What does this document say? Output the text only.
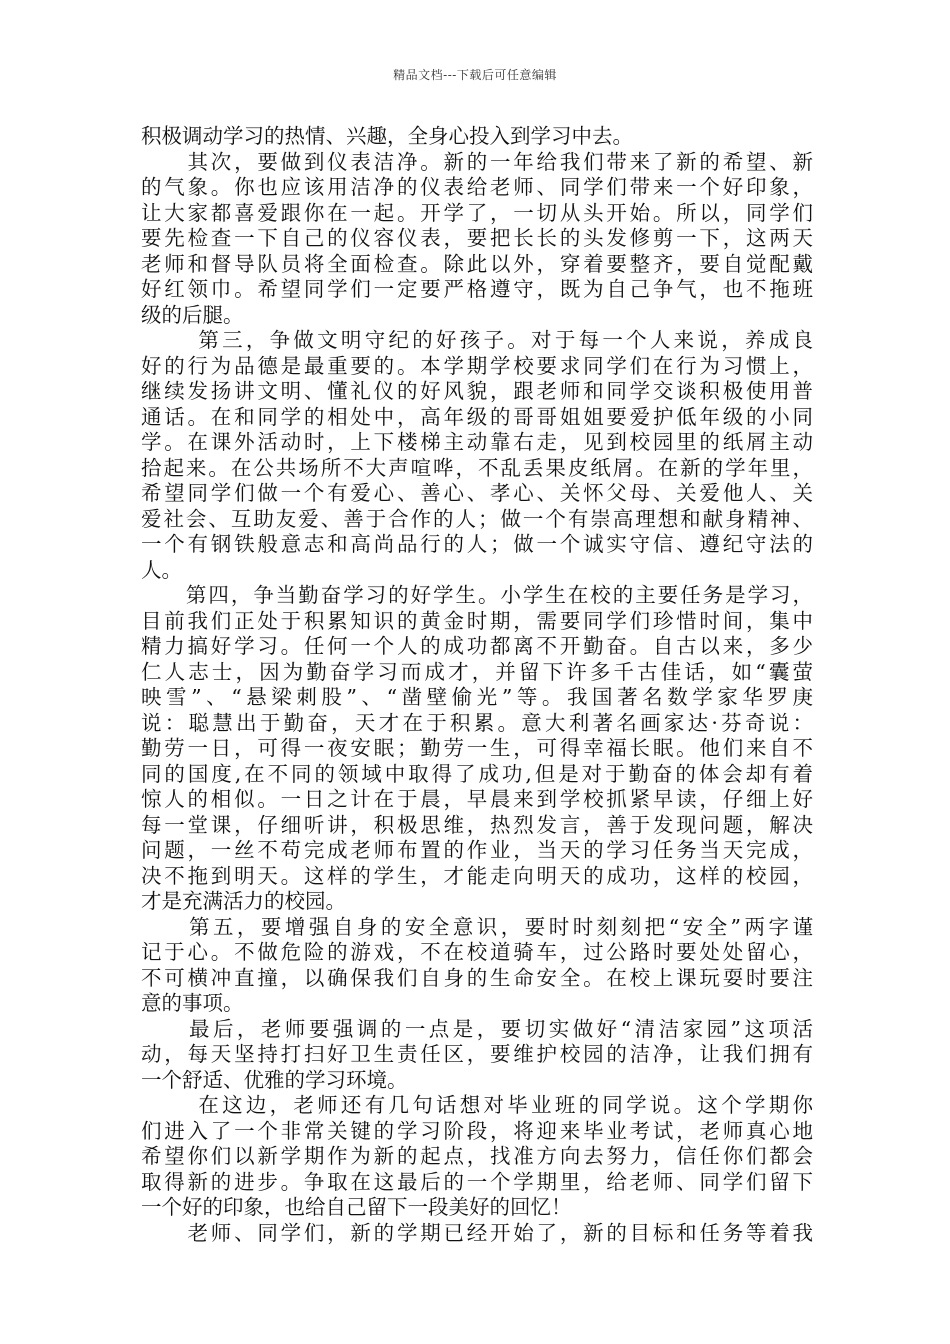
精品文档---下载后可任意编辑
积极调动学习的热情、兴趣，全身心投入到学习中去。
　　其次，要做到仪表洁净。新的一年给我们带来了新的希望、新
的气象。你也应该用洁净的仪表给老师、同学们带来一个好印象，
让大家都喜爱跟你在一起。开学了，一切从头开始。所以，同学们
要先检查一下自己的仪容仪表，要把长长的头发修剪一下，这两天
老师和督导队员将全面检查。除此以外，穿着要整齐，要自觉配戴
好红领巾。希望同学们一定要严格遵守，既为自己争气，也不拖班
级的后腿。
　　 第三，争做文明守纪的好孩子。对于每一个人来说，养成良
好的行为品德是最重要的。本学期学校要求同学们在行为习惯上，
继续发扬讲文明、懂礼仪的好风貌，跟老师和同学交谈积极使用普
通话。在和同学的相处中，高年级的哥哥姐姐要爱护低年级的小同
学。在课外活动时，上下楼梯主动靠右走，见到校园里的纸屑主动
拾起来。在公共场所不大声喧哗，不乱丢果皮纸屑。在新的学年里，
希望同学们做一个有爱心、善心、孝心、关怀父母、关爱他人、关
爱社会、互助友爱、善于合作的人；做一个有崇高理想和献身精神、
一个有钢铁般意志和高尚品行的人；做一个诚实守信、遵纪守法的
人。
　　第四，争当勤奋学习的好学生。小学生在校的主要任务是学习，
目前我们正处于积累知识的黄金时期，需要同学们珍惜时间，集中
精力搞好学习。任何一个人的成功都离不开勤奋。自古以来，多少
仁人志士，因为勤奋学习而成才，并留下许多千古佳话，如“囊萤
映雪”、“悬梁刺股”、“凿壁偷光”等。我国著名数学家华罗庚
说：聪慧出于勤奋，天才在于积累。意大利著名画家达·芬奇说：
勤劳一日，可得一夜安眠；勤劳一生，可得幸福长眠。他们来自不
同的国度,在不同的领域中取得了成功,但是对于勤奋的体会却有着
惊人的相似。一日之计在于晨，早晨来到学校抓紧早读，仔细上好
每一堂课，仔细听讲，积极思维，热烈发言，善于发现问题，解决
问题，一丝不苟完成老师布置的作业，当天的学习任务当天完成，
决不拖到明天。这样的学生，才能走向明天的成功，这样的校园，
才是充满活力的校园。
　　第五，要增强自身的安全意识，要时时刻刻把“安全”两字谨
记于心。不做危险的游戏，不在校道骑车，过公路时要处处留心，
不可横冲直撞，以确保我们自身的生命安全。在校上课玩耍时要注
意的事项。
　　最后，老师要强调的一点是，要切实做好“清洁家园”这项活
动，每天坚持打扫好卫生责任区，要维护校园的洁净，让我们拥有
一个舒适、优雅的学习环境。
　　 在这边，老师还有几句话想对毕业班的同学说。这个学期你
们进入了一个非常关键的学习阶段，将迎来毕业考试，老师真心地
希望你们以新学期作为新的起点，找准方向去努力，信任你们都会
取得新的进步。争取在这最后的一个学期里，给老师、同学们留下
一个好的印象，也给自己留下一段美好的回忆！
　　老师、同学们，新的学期已经开始了，新的目标和任务等着我
